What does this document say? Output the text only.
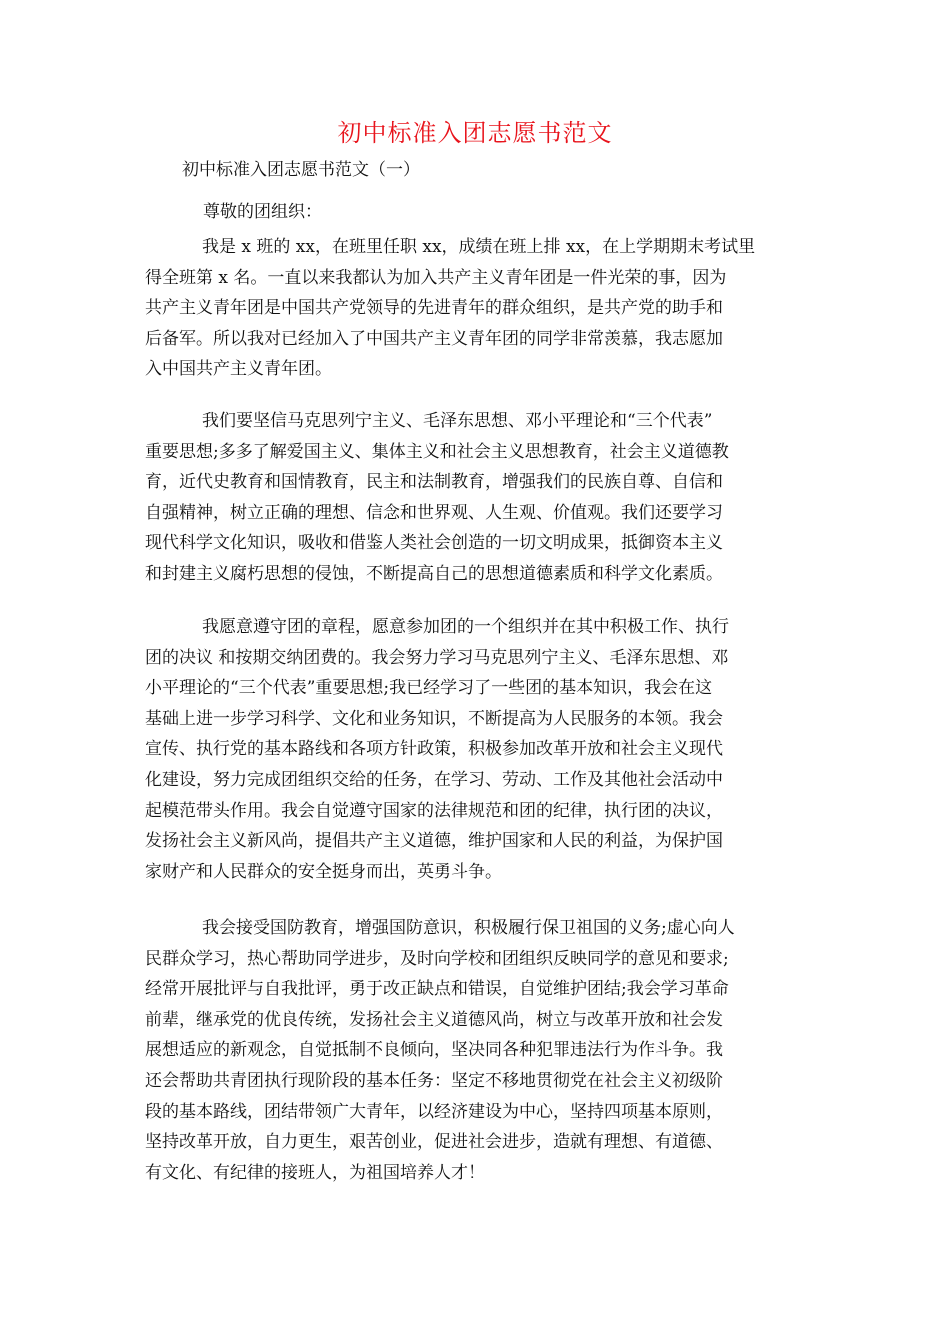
初中标准入团志愿书范文
初中标准入团志愿书范文（一）
尊敬的团组织：
我是 x 班的 xx，在班里任职 xx，成绩在班上排 xx，在上学期期末考试里
得全班第 x 名。一直以来我都认为加入共产主义青年团是一件光荣的事，因为
共产主义青年团是中国共产党领导的先进青年的群众组织，是共产党的助手和
后备军。所以我对已经加入了中国共产主义青年团的同学非常羡慕，我志愿加
入中国共产主义青年团。
我们要坚信马克思列宁主义、毛泽东思想、邓小平理论和“三个代表”
重要思想;多多了解爱国主义、集体主义和社会主义思想教育，社会主义道德教
育，近代史教育和国情教育，民主和法制教育，增强我们的民族自尊、自信和
自强精神，树立正确的理想、信念和世界观、人生观、价值观。我们还要学习
现代科学文化知识，吸收和借鉴人类社会创造的一切文明成果，抵御资本主义
和封建主义腐朽思想的侵蚀，不断提高自己的思想道德素质和科学文化素质。
我愿意遵守团的章程，愿意参加团的一个组织并在其中积极工作、执行
团的决议 和按期交纳团费的。我会努力学习马克思列宁主义、毛泽东思想、邓
小平理论的“三个代表”重要思想;我已经学习了一些团的基本知识，我会在这
基础上进一步学习科学、文化和业务知识，不断提高为人民服务的本领。我会
宣传、执行党的基本路线和各项方针政策，积极参加改革开放和社会主义现代
化建设，努力完成团组织交给的任务，在学习、劳动、工作及其他社会活动中
起模范带头作用。我会自觉遵守国家的法律规范和团的纪律，执行团的决议，
发扬社会主义新风尚，提倡共产主义道德，维护国家和人民的利益，为保护国
家财产和人民群众的安全挺身而出，英勇斗争。
我会接受国防教育，增强国防意识，积极履行保卫祖国的义务;虚心向人
民群众学习，热心帮助同学进步，及时向学校和团组织反映同学的意见和要求;
经常开展批评与自我批评，勇于改正缺点和错误，自觉维护团结;我会学习革命
前辈，继承党的优良传统，发扬社会主义道德风尚，树立与改革开放和社会发
展想适应的新观念，自觉抵制不良倾向，坚决同各种犯罪违法行为作斗争。我
还会帮助共青团执行现阶段的基本任务：坚定不移地贯彻党在社会主义初级阶
段的基本路线，团结带领广大青年，以经济建设为中心，坚持四项基本原则，
坚持改革开放，自力更生，艰苦创业，促进社会进步，造就有理想、有道德、
有文化、有纪律的接班人，为祖国培养人才！
